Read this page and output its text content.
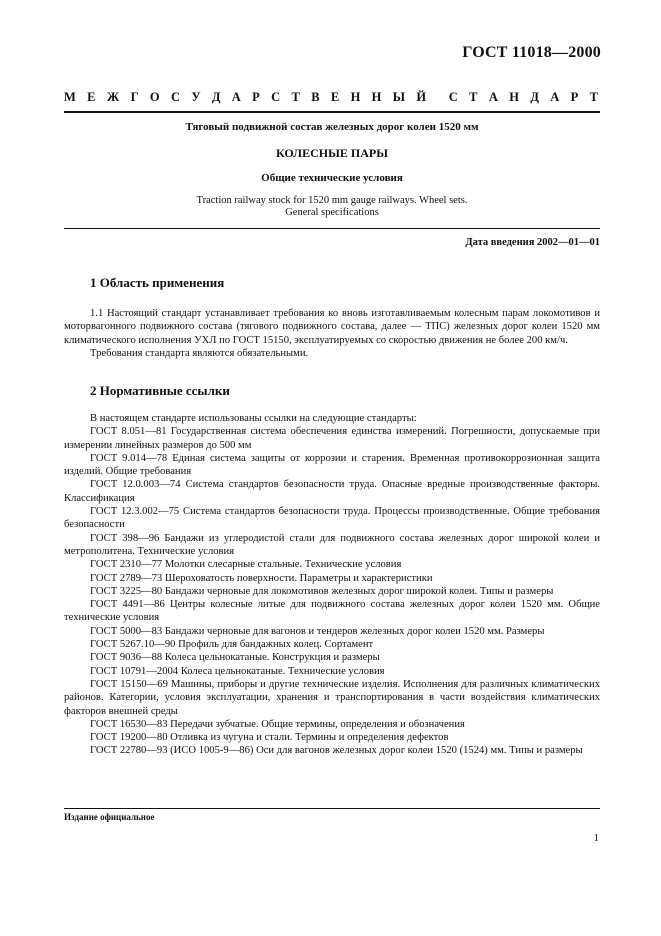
ГОСТ 11018—2000
М Е Ж Г О С У Д А Р С Т В Е Н Н Ы Й С Т А Н Д А Р Т
Тяговый подвижной состав железных дорог колеи 1520 мм
КОЛЕСНЫЕ ПАРЫ
Общие технические условия
Traction railway stock for 1520 mm gauge railways. Wheel sets.
General specifications
Дата введения 2002—01—01
1 Область применения

1.1 Настоящий стандарт устанавливает требования ко вновь изготавливаемым колесным парам локомотивов и моторвагонного подвижного состава (тягового подвижного состава, далее — ТПС) железных дорог колеи 1520 мм климатического исполнения УХЛ по ГОСТ 15150, эксплуатируемых со скоростью движения не более 200 км/ч.

Требования стандарта являются обязательными.

2 Нормативные ссылки

В настоящем стандарте использованы ссылки на следующие стандарты:

ГОСТ 8.051—81 Государственная система обеспечения единства измерений. Погрешности, допускаемые при измерении линейных размеров до 500 мм

ГОСТ 9.014—78 Единая система защиты от коррозии и старения. Временная противокоррозионная защита изделий. Общие требования

ГОСТ 12.0.003—74 Система стандартов безопасности труда. Опасные вредные производственные факторы. Классификация

ГОСТ 12.3.002—75 Система стандартов безопасности труда. Процессы производственные. Общие требования безопасности

ГОСТ 398—96 Бандажи из углеродистой стали для подвижного состава железных дорог широкой колеи и метрополитена. Технические условия

ГОСТ 2310—77 Молотки слесарные стальные. Технические условия

ГОСТ 2789—73 Шероховатость поверхности. Параметры и характеристики

ГОСТ 3225—80 Бандажи черновые для локомотивов железных дорог широкой колеи. Типы и размеры

ГОСТ 4491—86 Центры колесные литые для подвижного состава железных дорог колеи 1520 мм. Общие технические условия

ГОСТ 5000—83 Бандажи черновые для вагонов и тендеров железных дорог колеи 1520 мм. Размеры

ГОСТ 5267.10—90 Профиль для бандажных колец. Сортамент

ГОСТ 9036—88 Колеса цельнокатаные. Конструкция и размеры

ГОСТ 10791—2004 Колеса цельнокатаные. Технические условия

ГОСТ 15150—69 Машины, приборы и другие технические изделия. Исполнения для различных климатических районов. Категории, условия эксплуатации, хранения и транспортирования в части воздействия климатических факторов внешней среды

ГОСТ 16530—83 Передачи зубчатые. Общие термины, определения и обозначения

ГОСТ 19200—80 Отливка из чугуна и стали. Термины и определения дефектов

ГОСТ 22780—93 (ИСО 1005-9—86) Оси для вагонов железных дорог колеи 1520 (1524) мм. Типы и размеры

Издание официальное
1
